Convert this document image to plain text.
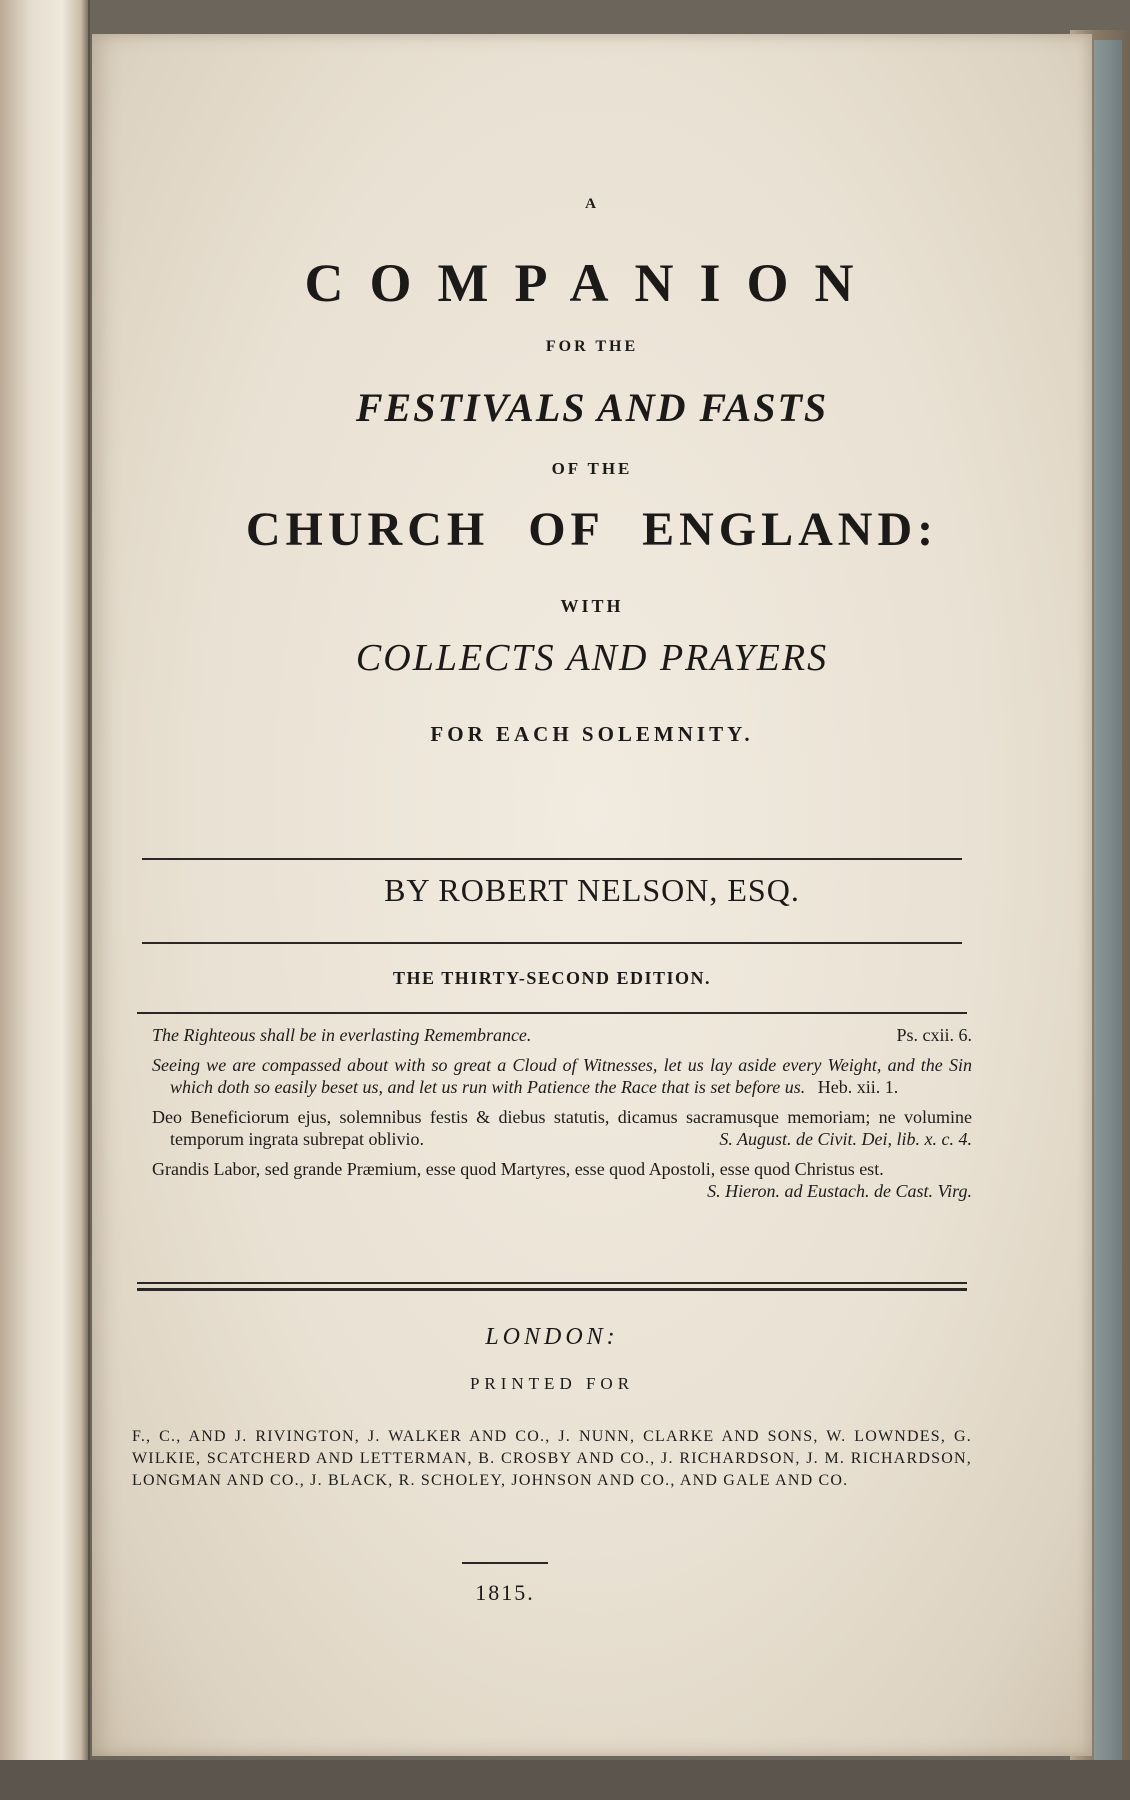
A
COMPANION
FOR THE
FESTIVALS AND FASTS
OF THE
CHURCH OF ENGLAND:
WITH
COLLECTS AND PRAYERS
FOR EACH SOLEMNITY.
BY ROBERT NELSON, ESQ.
THE THIRTY-SECOND EDITION.

Ps. cxii. 6.
The Righteous shall be in everlasting Remembrance.

Seeing we are compassed about with so great a Cloud of Witnesses, let us lay aside every Weight, and the Sin which doth so easily beset us, and let us run with Patience the Race that is set before us. Heb. xii. 1.

Deo Beneficiorum ejus, solemnibus festis & diebus statutis, dicamus sacramusque memoriam; ne volumine temporum ingrata subrepat oblivio.	S. August. de Civit. Dei, lib. x. c. 4.

Grandis Labor, sed grande Præmium, esse quod Martyres, esse quod Apostoli, esse quod Christus est.
S. Hieron. ad Eustach. de Cast. Virg.

LONDON:
PRINTED FOR
F., C., AND J. RIVINGTON, J. WALKER AND CO., J. NUNN, CLARKE AND SONS, W. LOWNDES, G. WILKIE, SCATCHERD AND LETTERMAN, B. CROSBY AND CO., J. RICHARDSON, J. M. RICHARDSON, LONGMAN AND CO., J. BLACK, R. SCHOLEY, JOHNSON AND CO., AND GALE AND CO.
1815.
